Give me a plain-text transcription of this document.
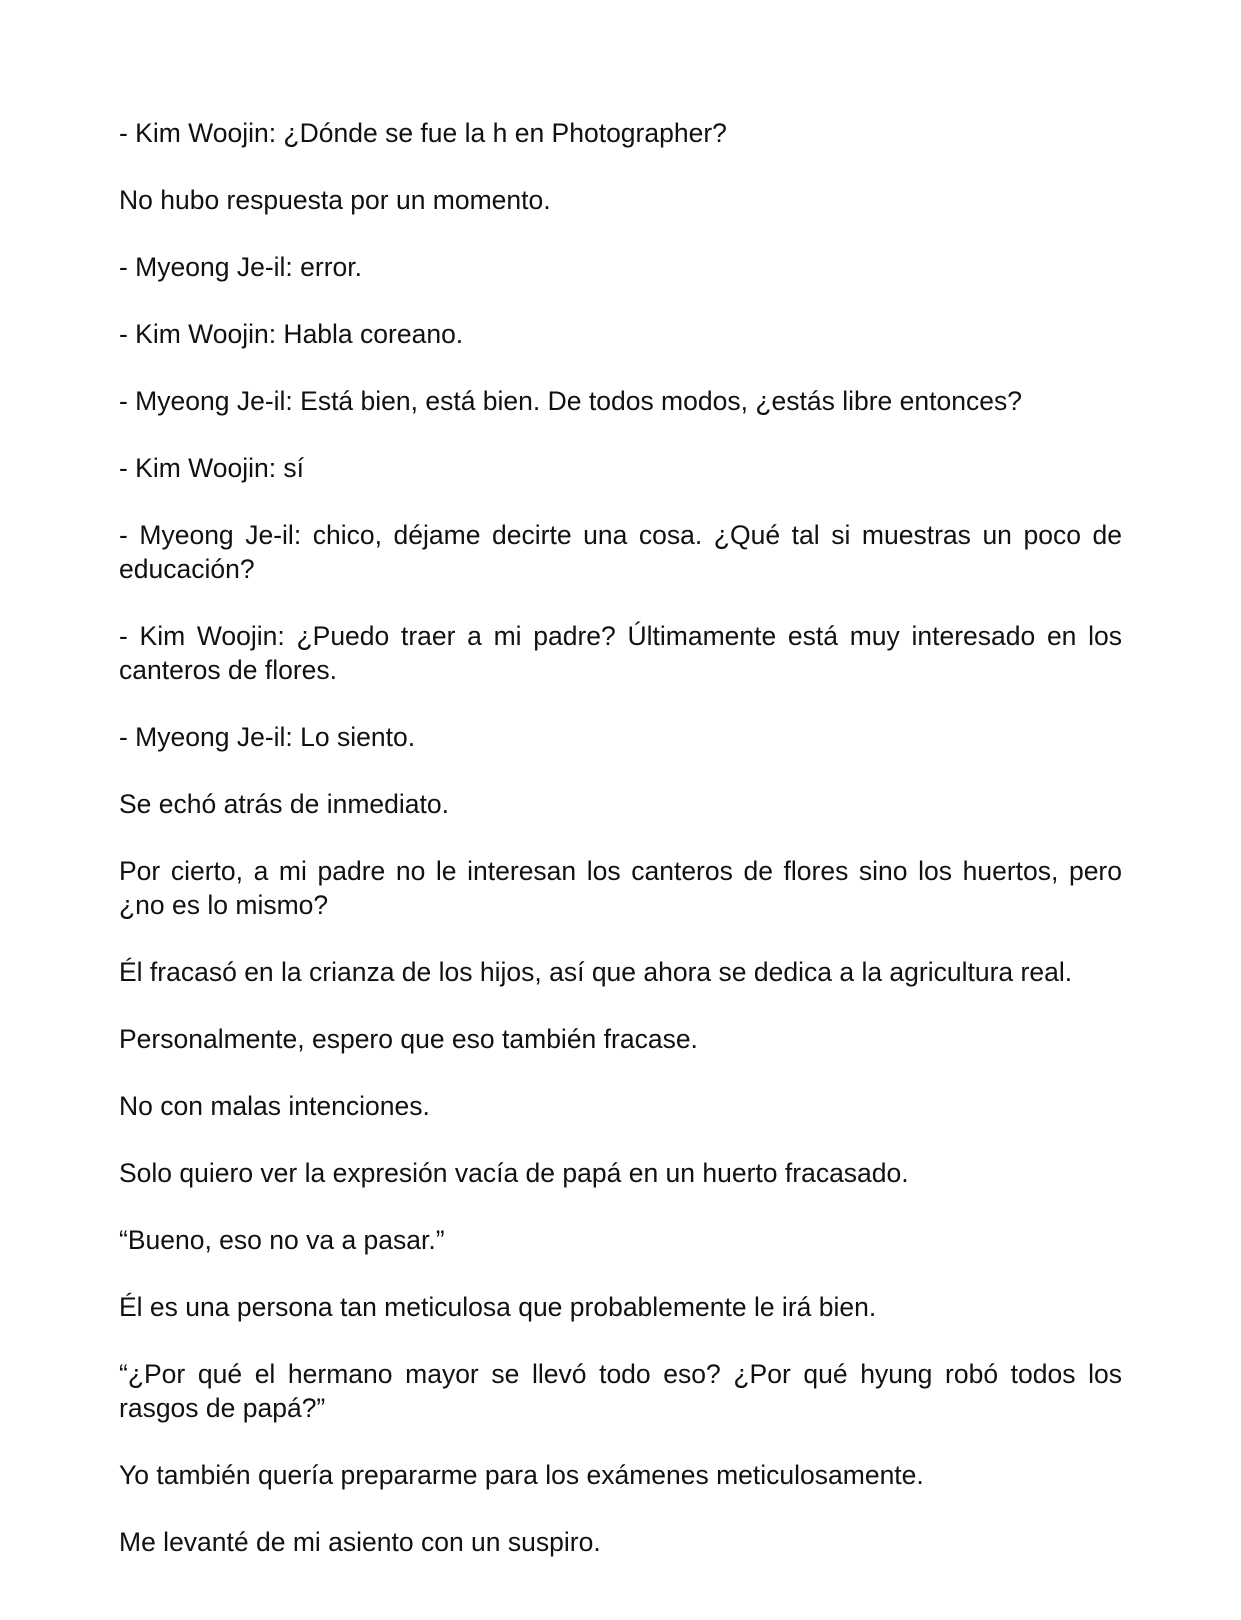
- Kim Woojin: ¿Dónde se fue la h en Photographer?

No hubo respuesta por un momento.

- Myeong Je-il: error.

- Kim Woojin: Habla coreano.

- Myeong Je-il: Está bien, está bien. De todos modos, ¿estás libre entonces?

- Kim Woojin: sí

- Myeong Je-il: chico, déjame decirte una cosa. ¿Qué tal si muestras un poco de educación?

- Kim Woojin: ¿Puedo traer a mi padre? Últimamente está muy interesado en los canteros de flores.

- Myeong Je-il: Lo siento.

Se echó atrás de inmediato.

Por cierto, a mi padre no le interesan los canteros de flores sino los huertos, pero ¿no es lo mismo?

Él fracasó en la crianza de los hijos, así que ahora se dedica a la agricultura real.

Personalmente, espero que eso también fracase.

No con malas intenciones.

Solo quiero ver la expresión vacía de papá en un huerto fracasado.

“Bueno, eso no va a pasar.”

Él es una persona tan meticulosa que probablemente le irá bien.

“¿Por qué el hermano mayor se llevó todo eso? ¿Por qué hyung robó todos los rasgos de papá?”

Yo también quería prepararme para los exámenes meticulosamente.

Me levanté de mi asiento con un suspiro.
